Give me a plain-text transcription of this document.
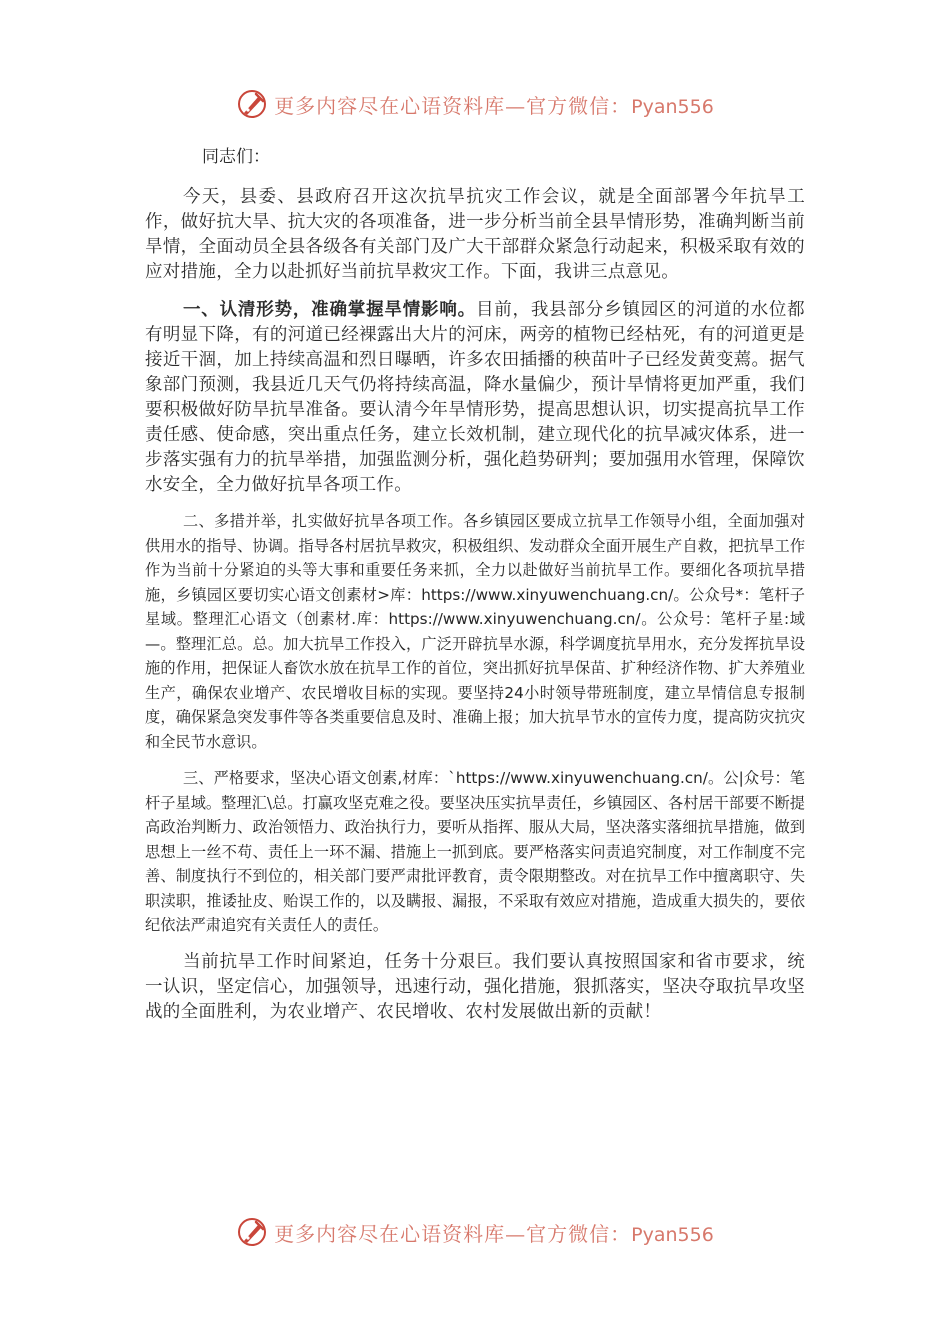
更多内容尽在心语资料库—官方微信：Pyan556

同志们：

今天，县委、县政府召开这次抗旱抗灾工作会议，就是全面部署今年抗旱工作，做好抗大旱、抗大灾的各项准备，进一步分析当前全县旱情形势，准确判断当前旱情，全面动员全县各级各有关部门及广大干部群众紧急行动起来，积极采取有效的应对措施，全力以赴抓好当前抗旱救灾工作。下面，我讲三点意见。

一、认清形势，准确掌握旱情影响。目前，我县部分乡镇园区的河道的水位都有明显下降，有的河道已经裸露出大片的河床，两旁的植物已经枯死，有的河道更是接近干涸，加上持续高温和烈日曝晒，许多农田插播的秧苗叶子已经发黄变蔫。据气象部门预测，我县近几天气仍将持续高温，降水量偏少，预计旱情将更加严重，我们要积极做好防旱抗旱准备。要认清今年旱情形势，提高思想认识，切实提高抗旱工作责任感、使命感，突出重点任务，建立长效机制，建立现代化的抗旱减灾体系，进一步落实强有力的抗旱举措，加强监测分析，强化趋势研判；要加强用水管理，保障饮水安全，全力做好抗旱各项工作。

二、多措并举，扎实做好抗旱各项工作。各乡镇园区要成立抗旱工作领导小组，全面加强对供用水的指导、协调。指导各村居抗旱救灾，积极组织、发动群众全面开展生产自救，把抗旱工作作为当前十分紧迫的头等大事和重要任务来抓，全力以赴做好当前抗旱工作。要细化各项抗旱措施，乡镇园区要切实心语文创素材>库：https://www.xinyuwenchuang.cn/。公众号*：笔杆子星域。整理汇心语文（创素材.库：https://www.xinyuwenchuang.cn/。公众号：笔杆子星:域—。整理汇总。总。加大抗旱工作投入，广泛开辟抗旱水源，科学调度抗旱用水，充分发挥抗旱设施的作用，把保证人畜饮水放在抗旱工作的首位，突出抓好抗旱保苗、扩种经济作物、扩大养殖业生产，确保农业增产、农民增收目标的实现。要坚持24小时领导带班制度，建立旱情信息专报制度，确保紧急突发事件等各类重要信息及时、准确上报；加大抗旱节水的宣传力度，提高防灾抗灾和全民节水意识。

三、严格要求，坚决心语文创素,材库：`https://www.xinyuwenchuang.cn/。公|众号：笔杆子星域。整理汇\总。打赢攻坚克难之役。要坚决压实抗旱责任，乡镇园区、各村居干部要不断提高政治判断力、政治领悟力、政治执行力，要听从指挥、服从大局，坚决落实落细抗旱措施，做到思想上一丝不苟、责任上一环不漏、措施上一抓到底。要严格落实问责追究制度，对工作制度不完善、制度执行不到位的，相关部门要严肃批评教育，责令限期整改。对在抗旱工作中擅离职守、失职渎职，推诿扯皮、贻误工作的，以及瞒报、漏报，不采取有效应对措施，造成重大损失的，要依纪依法严肃追究有关责任人的责任。

当前抗旱工作时间紧迫，任务十分艰巨。我们要认真按照国家和省市要求，统一认识，坚定信心，加强领导，迅速行动，强化措施，狠抓落实，坚决夺取抗旱攻坚战的全面胜利，为农业增产、农民增收、农村发展做出新的贡献！

更多内容尽在心语资料库—官方微信：Pyan556
